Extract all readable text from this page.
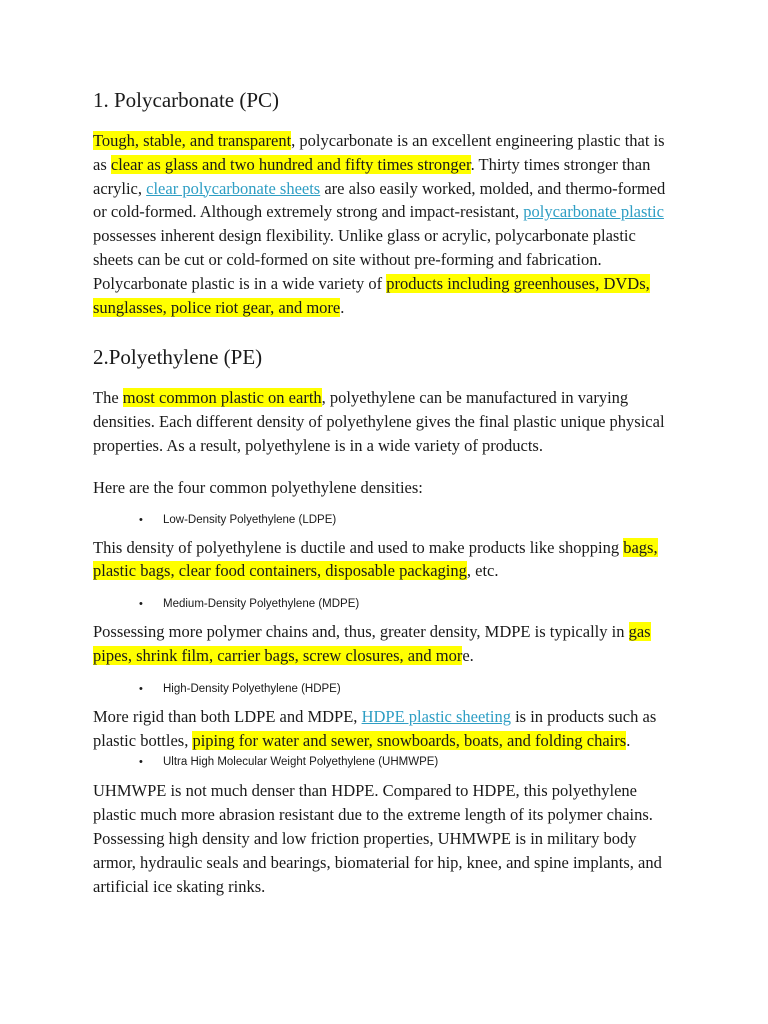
1. Polycarbonate (PC)

Tough, stable, and transparent, polycarbonate is an excellent engineering plastic that is as clear as glass and two hundred and fifty times stronger. Thirty times stronger than acrylic, clear polycarbonate sheets are also easily worked, molded, and thermo-formed or cold-formed. Although extremely strong and impact-resistant, polycarbonate plastic possesses inherent design flexibility. Unlike glass or acrylic, polycarbonate plastic sheets can be cut or cold-formed on site without pre-forming and fabrication. Polycarbonate plastic is in a wide variety of products including greenhouses, DVDs, sunglasses, police riot gear, and more.

2.Polyethylene (PE)

The most common plastic on earth, polyethylene can be manufactured in varying densities. Each different density of polyethylene gives the final plastic unique physical properties. As a result, polyethylene is in a wide variety of products.

Here are the four common polyethylene densities:

• Low-Density Polyethylene (LDPE)

This density of polyethylene is ductile and used to make products like shopping bags, plastic bags, clear food containers, disposable packaging, etc.

• Medium-Density Polyethylene (MDPE)

Possessing more polymer chains and, thus, greater density, MDPE is typically in gas pipes, shrink film, carrier bags, screw closures, and more.

• High-Density Polyethylene (HDPE)

More rigid than both LDPE and MDPE, HDPE plastic sheeting is in products such as plastic bottles, piping for water and sewer, snowboards, boats, and folding chairs.

• Ultra High Molecular Weight Polyethylene (UHMWPE)

UHMWPE is not much denser than HDPE. Compared to HDPE, this polyethylene plastic much more abrasion resistant due to the extreme length of its polymer chains. Possessing high density and low friction properties, UHMWPE is in military body armor, hydraulic seals and bearings, biomaterial for hip, knee, and spine implants, and artificial ice skating rinks.
